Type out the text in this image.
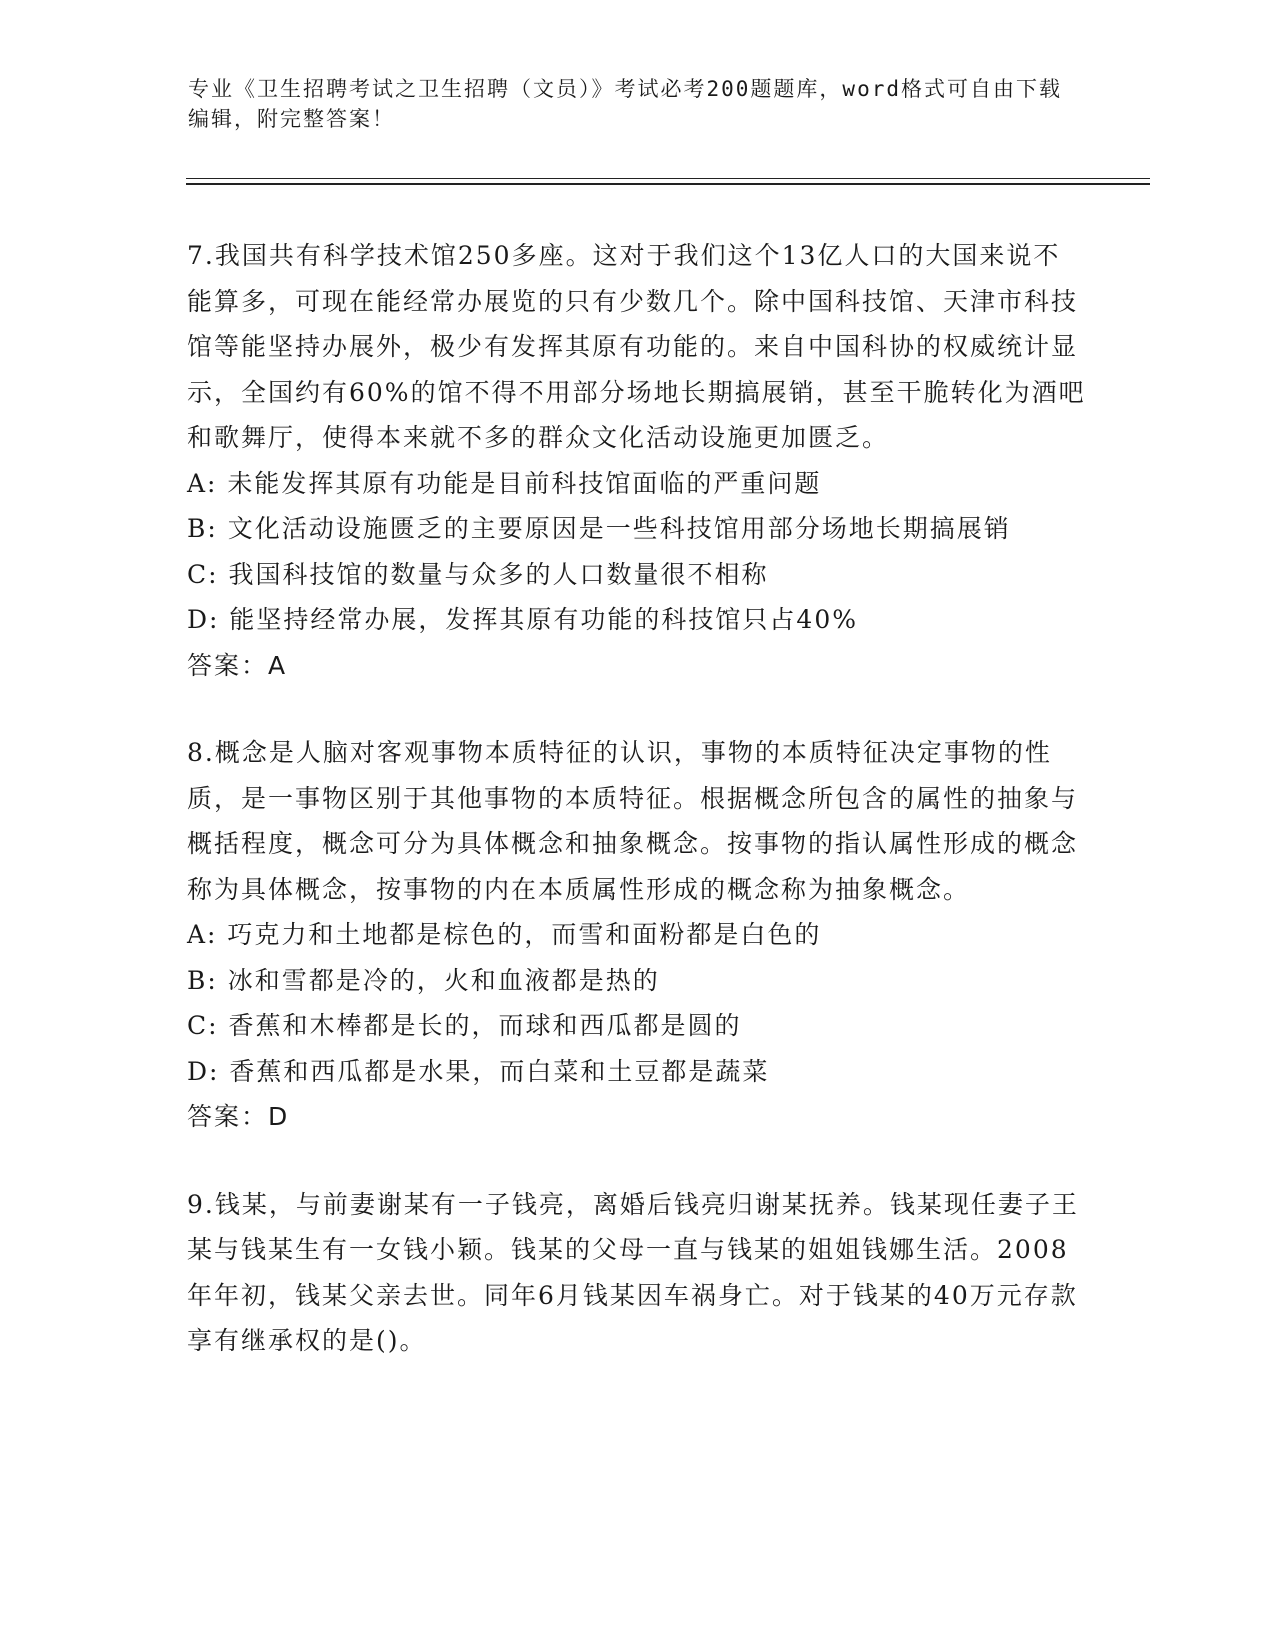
专业《卫生招聘考试之卫生招聘（文员）》考试必考200题题库，word格式可自由下载编辑，附完整答案！
7.我国共有科学技术馆250多座。这对于我们这个13亿人口的大国来说不能算多，可现在能经常办展览的只有少数几个。除中国科技馆、天津市科技馆等能坚持办展外，极少有发挥其原有功能的。来自中国科协的权威统计显示，全国约有60%的馆不得不用部分场地长期搞展销，甚至干脆转化为酒吧和歌舞厅，使得本来就不多的群众文化活动设施更加匮乏。
A: 未能发挥其原有功能是目前科技馆面临的严重问题
B: 文化活动设施匮乏的主要原因是一些科技馆用部分场地长期搞展销
C: 我国科技馆的数量与众多的人口数量很不相称
D: 能坚持经常办展，发挥其原有功能的科技馆只占40%
答案：A
8.概念是人脑对客观事物本质特征的认识，事物的本质特征决定事物的性质，是一事物区别于其他事物的本质特征。根据概念所包含的属性的抽象与概括程度，概念可分为具体概念和抽象概念。按事物的指认属性形成的概念称为具体概念，按事物的内在本质属性形成的概念称为抽象概念。
A: 巧克力和土地都是棕色的，而雪和面粉都是白色的
B: 冰和雪都是冷的，火和血液都是热的
C: 香蕉和木棒都是长的，而球和西瓜都是圆的
D: 香蕉和西瓜都是水果，而白菜和土豆都是蔬菜
答案：D
9.钱某，与前妻谢某有一子钱亮，离婚后钱亮归谢某抚养。钱某现任妻子王某与钱某生有一女钱小颖。钱某的父母一直与钱某的姐姐钱娜生活。2008年年初，钱某父亲去世。同年6月钱某因车祸身亡。对于钱某的40万元存款享有继承权的是()。
